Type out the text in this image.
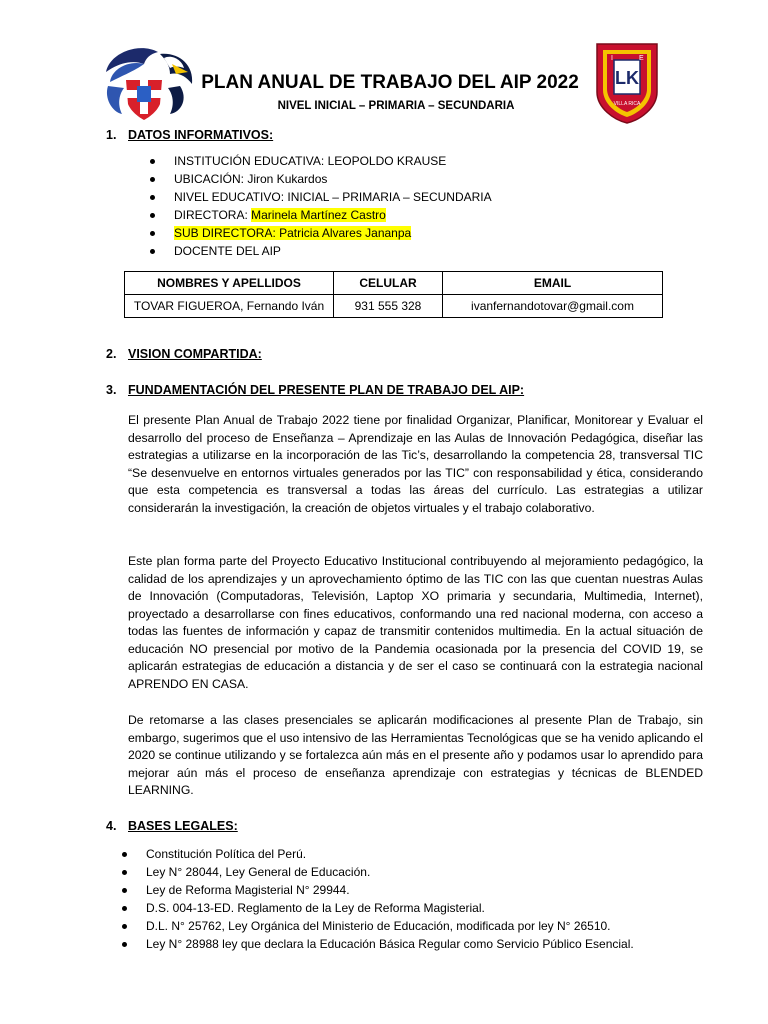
PLAN ANUAL DE TRABAJO DEL AIP 2022
NIVEL INICIAL – PRIMARIA – SECUNDARIA
LK
I	E
VILLA RICA
1. DATOS INFORMATIVOS:
INSTITUCIÓN EDUCATIVA: LEOPOLDO KRAUSE
UBICACIÓN: Jiron Kukardos
NIVEL EDUCATIVO: INICIAL – PRIMARIA – SECUNDARIA
DIRECTORA: Marinela Martínez Castro
SUB DIRECTORA: Patricia Alvares Jananpa
DOCENTE DEL AIP
NOMBRES Y APELLIDOS	CELULAR	EMAIL
TOVAR FIGUEROA, Fernando Iván	931 555 328	ivanfernandotovar@gmail.com
2. VISION COMPARTIDA:
3. FUNDAMENTACIÓN DEL PRESENTE PLAN DE TRABAJO DEL AIP:

El presente Plan Anual de Trabajo 2022 tiene por finalidad Organizar, Planificar, Monitorear y Evaluar el desarrollo del proceso de Enseñanza – Aprendizaje en las Aulas de Innovación Pedagógica, diseñar las estrategias a utilizarse en la incorporación de las Tic’s, desarrollando la competencia 28, transversal TIC “Se desenvuelve en entornos virtuales generados por las TIC” con responsabilidad y ética, considerando que esta competencia es transversal a todas las áreas del currículo. Las estrategias a utilizar considerarán la investigación, la creación de objetos virtuales y el trabajo colaborativo.

Este plan forma parte del Proyecto Educativo Institucional contribuyendo al mejoramiento pedagógico, la calidad de los aprendizajes y un aprovechamiento óptimo de las TIC con las que cuentan nuestras Aulas de Innovación (Computadoras, Televisión, Laptop XO primaria y secundaria, Multimedia, Internet), proyectado a desarrollarse con fines educativos, conformando una red nacional moderna, con acceso a todas las fuentes de información y capaz de transmitir contenidos multimedia. En la actual situación de educación NO presencial por motivo de la Pandemia ocasionada por la presencia del COVID 19, se aplicarán estrategias de educación a distancia y de ser el caso se continuará con la estrategia nacional APRENDO EN CASA.

De retomarse a las clases presenciales se aplicarán modificaciones al presente Plan de Trabajo, sin embargo, sugerimos que el uso intensivo de las Herramientas Tecnológicas que se ha venido aplicando el 2020 se continue utilizando y se fortalezca aún más en el presente año y podamos usar lo aprendido para mejorar aún más el proceso de enseñanza aprendizaje con estrategias y técnicas de BLENDED LEARNING.

4. BASES LEGALES:
Constitución Política del Perú.
Ley N° 28044, Ley General de Educación.
Ley de Reforma Magisterial N° 29944.
D.S. 004-13-ED. Reglamento de la Ley de Reforma Magisterial.
D.L. N° 25762, Ley Orgánica del Ministerio de Educación, modificada por ley N° 26510.
Ley N° 28988 ley que declara la Educación Básica Regular como Servicio Público Esencial.
